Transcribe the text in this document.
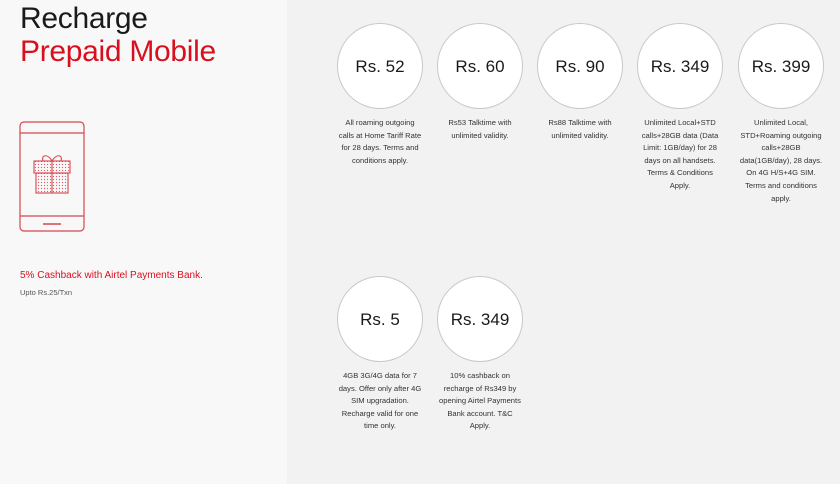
Recharge
Prepaid Mobile
5% Cashback with Airtel Payments Bank.
Upto Rs.25/Txn
Rs. 52
All roaming outgoing calls at Home Tariff Rate for 28 days. Terms and conditions apply.
Rs. 60
Rs53 Talktime with unlimited validity.
Rs. 90
Rs88 Talktime with unlimited validity.
Rs. 349
Unlimited Local+STD calls+28GB data (Data Limit: 1GB/day) for 28 days on all handsets. Terms & Conditions Apply.
Rs. 399
Unlimited Local, STD+Roaming outgoing calls+28GB data(1GB/day), 28 days. On 4G H/S+4G SIM. Terms and conditions apply.
Rs. 5
4GB 3G/4G data for 7 days. Offer only after 4G SIM upgradation. Recharge valid for one time only.
Rs. 349
10% cashback on recharge of Rs349 by opening Airtel Payments Bank account. T&C Apply.
